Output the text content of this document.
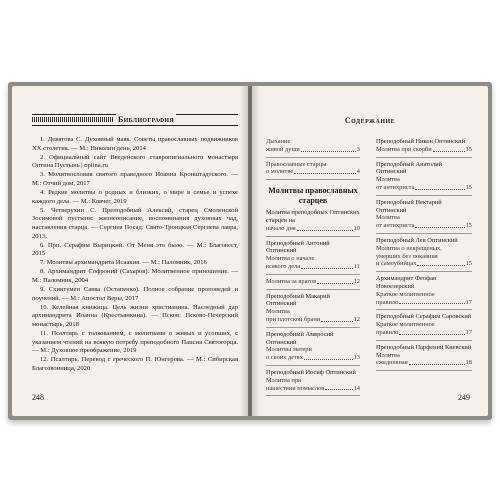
Библиография

1. Девятова С. Духовный маяк. Советы православных подвижников XX столетия. — М.: Николин день, 2014

2. Официальный сайт Введенского ставропигиального монастыря Оптина Пустынь | optina.ru

3. Молитвословия святого праведного Иоанна Кронштадтского. — М.: Отчий дом, 2017

4. Редкие молитвы о родных и близких, о мире в семье и успехе каждого дела. — М.: Ковчег, 2019

5. Четверухин С. Преподобный Алексий, старец Смоленской Зосимовой пустыни: жизнеописание, воспоминания духовных чад, наставления старца. — Сергиев Посад: Свято-Троицкая Сергиева лавра, 2013.

6. Прп. Серафим Вырицкий. От Меня это было. — М.: Благовест, 2015

7. Молитвы архимандрита Исаакия. — М.: Паломник, 2016

8. Архимандрит Софроний (Сахаров). Молитвенное приношение. — М.: Паломник, 2004

9. Схиигумен Савва (Остапенко). Полное собрание проповедей и поучений. — М.: Апостол Веры, 2017

10. Келейная книжица. Цель жизни христианина. Наследный дар архимандрита Иоанна (Крестьянкина). — Псков: Псково-Печерский монастырь, 2018

11. Псалтирь с толкованием, с молитвами о живых и усопших, с указанием чтений на всякую потребу преподобного Паисия Святогорца. — М.: Духовное преображение, 2019

12. Псалтирь. Перевод с греческого П. Юнгерова. — М.: Сибирская Благозвонница, 2020

248
Содержание
Дыхание
живой души	3
Православные старцы
о молитве	4
Молитвы православных старцев
Молитва преподобных Оптинских старцев на
начало дня	10
Преподобный Антоний Оптинский
Молитва о начале
всякого дела	11
Молитва за врагов	12
Преподобный Макарий Оптинский
Молитва
при плотской брани	12
Преподобный Амвросий Оптинский
Молитвы матери
о своих детях	13
Преподобный Иосиф Оптинский
Молитва при
нашествии помыслов	14
Преподобный Никон Оптинский
Молитва при скорби	15
Преподобный Анатолий Оптинский
Молитва
от антихриста	15
Преподобный Нектарий Оптинский
Молитва
от антихриста	15
Преподобный Лев Оптинский
Молитва о некрещеных,
умерших без покаяния
и самоубийцах	15
Архимандрит Феофан Новоезерский
Краткое молитвенное
правило	17
Преподобный Серафим Саровский
Краткое молитвенное
правило	17
Преподобный Парфений Киевский
Молитва
ежедневная	18
249
